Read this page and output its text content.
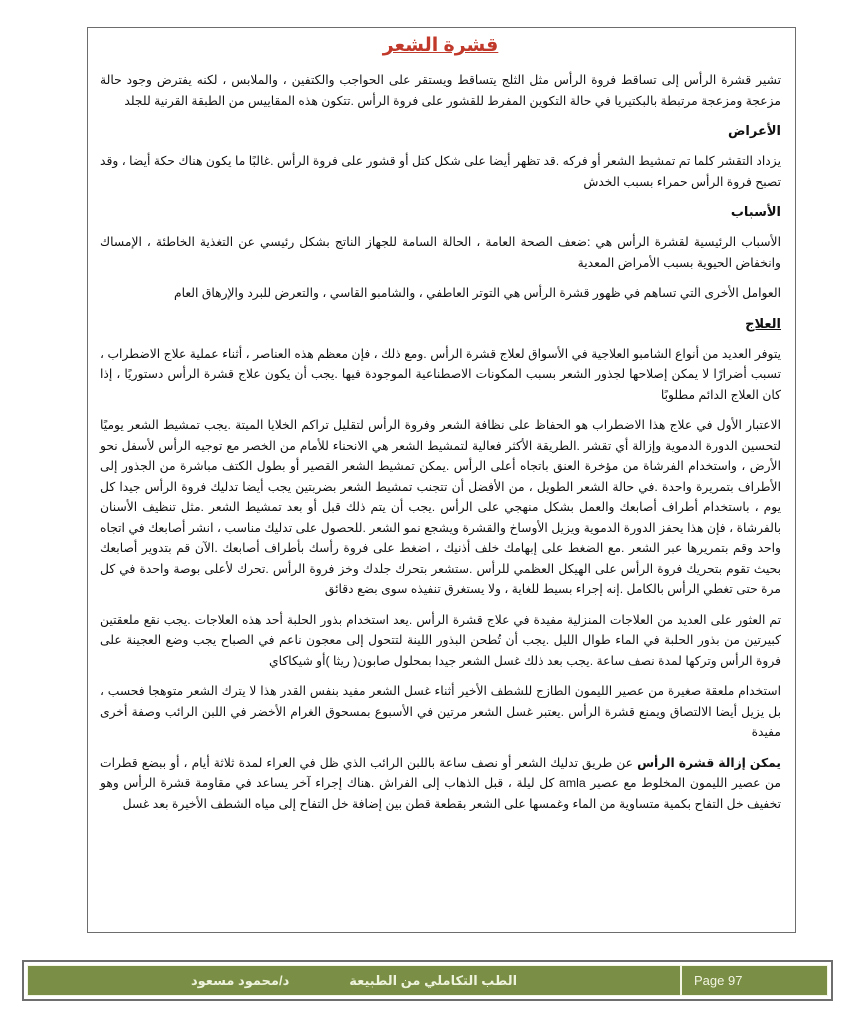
قشرة الشعر

تشير قشرة الرأس إلى تساقط فروة الرأس مثل الثلج يتساقط ويستقر على الحواجب والكتفين ، والملابس ، لكنه يفترض وجود حالة مزعجة ومزعجة مرتبطة بالبكتيريا في حالة التكوين المفرط للقشور على فروة الرأس .تتكون هذه المقاييس من الطبقة القرنية للجلد

الأعراض

يزداد التقشر كلما تم تمشيط الشعر أو فركه .قد تظهر أيضا على شكل كتل أو قشور على فروة الرأس .غالبًا ما يكون هناك حكة أيضا ، وقد تصبح فروة الرأس حمراء بسبب الخدش

الأسباب

الأسباب الرئيسية لقشرة الرأس هي :ضعف الصحة العامة ، الحالة السامة للجهاز الناتج بشكل رئيسي عن التغذية الخاطئة ، الإمساك وانخفاض الحيوية بسبب الأمراض المعدية

العوامل الأخرى التي تساهم في ظهور قشرة الرأس هي التوتر العاطفي ، والشامبو القاسي ، والتعرض للبرد والإرهاق العام

العلاج

يتوفر العديد من أنواع الشامبو العلاجية في الأسواق لعلاج قشرة الرأس .ومع ذلك ، فإن معظم هذه العناصر ، أثناء عملية علاج الاضطراب ، تسبب أضرارًا لا يمكن إصلاحها لجذور الشعر بسبب المكونات الاصطناعية الموجودة فيها .يجب أن يكون علاج قشرة الرأس دستوريًا ، إذا كان العلاج الدائم مطلوبًا

الاعتبار الأول في علاج هذا الاضطراب هو الحفاظ على نظافة الشعر وفروة الرأس لتقليل تراكم الخلايا الميتة .يجب تمشيط الشعر يوميًا لتحسين الدورة الدموية وإزالة أي تقشر .الطريقة الأكثر فعالية لتمشيط الشعر هي الانحناء للأمام من الخصر مع توجيه الرأس لأسفل نحو الأرض ، واستخدام الفرشاة من مؤخرة العنق باتجاه أعلى الرأس .يمكن تمشيط الشعر القصير أو بطول الكتف مباشرة من الجذور إلى الأطراف بتمريرة واحدة .في حالة الشعر الطويل ، من الأفضل أن تتجنب تمشيط الشعر بضربتين يجب أيضا تدليك فروة الرأس جيدا كل يوم ، باستخدام أطراف أصابعك والعمل بشكل منهجي على الرأس .يجب أن يتم ذلك قبل أو بعد تمشيط الشعر .مثل تنظيف الأسنان بالفرشاة ، فإن هذا يحفز الدورة الدموية ويزيل الأوساخ والقشرة ويشجع نمو الشعر .للحصول على تدليك مناسب ، انشر أصابعك في اتجاه واحد وقم بتمريرها عبر الشعر .مع الضغط على إبهامك خلف أذنيك ، اضغط على فروة رأسك بأطراف أصابعك .الآن قم بتدوير أصابعك بحيث تقوم بتحريك فروة الرأس على الهيكل العظمي للرأس .ستشعر بتحرك جلدك وخز فروة الرأس .تحرك لأعلى بوصة واحدة في كل مرة حتى تغطي الرأس بالكامل .إنه إجراء بسيط للغاية ، ولا يستغرق تنفيذه سوى بضع دقائق

تم العثور على العديد من العلاجات المنزلية مفيدة في علاج قشرة الرأس .يعد استخدام بذور الحلبة أحد هذه العلاجات .يجب نقع ملعقتين كبيرتين من بذور الحلبة في الماء طوال الليل .يجب أن تُطحن البذور اللينة لتتحول إلى معجون ناعم في الصباح يجب وضع العجينة على فروة الرأس وتركها لمدة نصف ساعة .يجب بعد ذلك غسل الشعر جيدا بمحلول صابون( ريثا )أو شيكاكاي

استخدام ملعقة صغيرة من عصير الليمون الطازج للشطف الأخير أثناء غسل الشعر مفيد بنفس القدر هذا لا يترك الشعر متوهجا فحسب ، بل يزيل أيضا الالتصاق ويمنع قشرة الرأس .يعتبر غسل الشعر مرتين في الأسبوع بمسحوق الغرام الأخضر في اللبن الرائب وصفة أخرى مفيدة

يمكن إزالة قشرة الرأس عن طريق تدليك الشعر أو نصف ساعة باللبن الرائب الذي ظل في العراء لمدة ثلاثة أيام ، أو ببضع قطرات من عصير الليمون المخلوط مع عصير amla كل ليلة ، قبل الذهاب إلى الفراش .هناك إجراء آخر يساعد في مقاومة قشرة الرأس وهو تخفيف خل التفاح بكمية متساوية من الماء وغمسها على الشعر بقطعة قطن بين إضافة خل التفاح إلى مياه الشطف الأخيرة بعد غسل

الطب التكاملي من الطبيعة
د/محمود مسعود	Page 97
